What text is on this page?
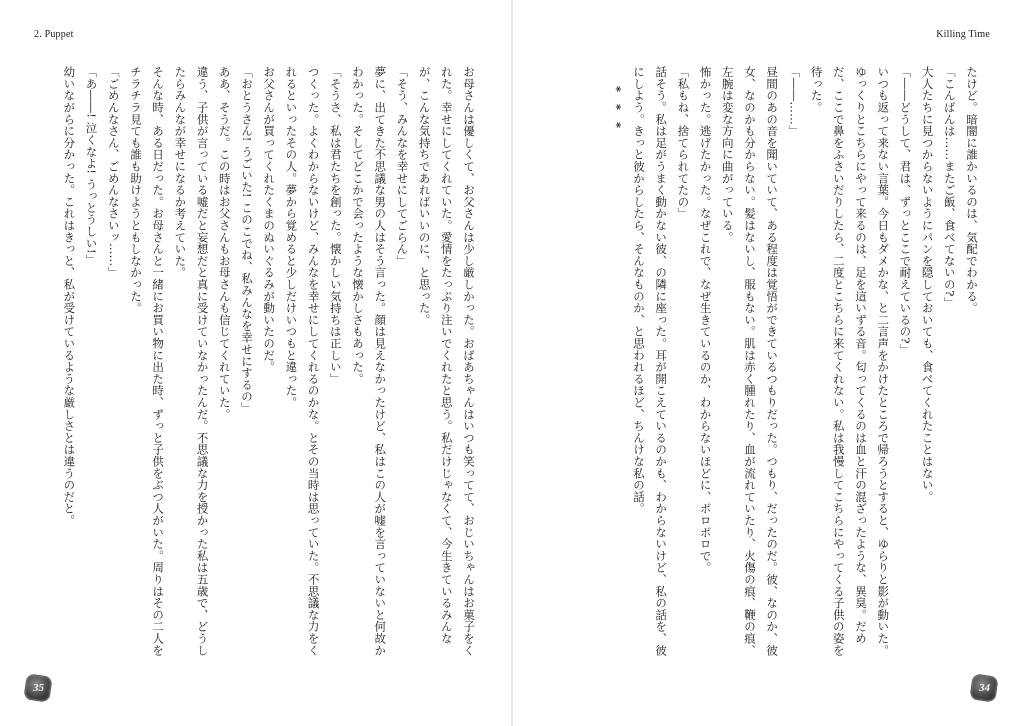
2. Puppet	Killing Time

たけど。暗闇に誰かいるのは、気配でわかる。

「こんばんは……またご飯、食べてないの?」

大人たちに見つからないようにパンを隠しておいても、食べてくれたことはない。

「――どうして、君は、ずっとここで耐えているの?」

いつも返って来ない言葉。今日もダメかな、と二言声をかけたところで帰ろうとすると、ゆらりと影が動いた。ゆっくりとこちらにやって来るのは、足を這いずる音。匂ってくるのは血と汗の混ざったような、異臭。だめだ、ここで鼻をふさいだりしたら、二度とこちらに来てくれない。私は我慢してこちらにやってくる子供の姿を待った。

「――……」

昼間のあの音を聞いていて、ある程度は覚悟ができているつもりだった。つもり、だったのだ。彼、なのか、彼女、なのかも分からない。髪はないし、服もない。肌は赤く腫れたり、血が流れていたり、火傷の痕、鞭の痕、左腕は変な方向に曲がっている。

怖かった。逃げたかった。なぜこれで、なぜ生きているのか、わからないほどに、ボロボロで。

「私もね、捨てられてたの」

話そう。私は足がうまく動かない彼、の隣に座った。耳が開こえているのかも、わからないけど、私の話を、彼にしよう。きっと彼からしたら、そんなものか、と思われるほど、ちんけな私の話。

* * *

お母さんは優しくて、お父さんは少し厳しかった。おばあちゃんはいつも笑ってて、おじいちゃんはお菓子をくれた。幸せにしてくれていた。愛情をたっぷり注いでくれたと思う。私だけじゃなくて、今生きているみんなが、こんな気持ちであればいいのに、と思った。

「そう、みんなを幸せにしてごらん」

夢に、出てきた不思議な男の人はそう言った。顔は見えなかったけど、私はこの人が嘘を言っていないと何故かわかった。そしてどこかで会ったような懐かしさもあった。

「そうさ、私は君たちを創った。懐かしい気持ちは正しい」

つくった。よくわからないけど、みんなを幸せにしてくれるのかな。とその当時は思っていた。不思議な力をくれるといったその人。夢から覚めると少しだけいつもと違った。

お父さんが買ってくれたくまのぬいぐるみが動いたのだ。

「おとうさん! うごいた! このこでね、私みんなを幸せにするの」

ああ、そうだ。この時はお父さんもお母さんも信じてくれていた。

違う、子供が言っている嘘だと妄想だと真に受けていなかったんだ。不思議な力を授かった私は五歳で、どうしたらみんなが幸せになるか考えていた。

そんな時、ある日だった。お母さんと一緒にお買い物に出た時、ずっと子供をぶつ人がいた。周りはその二人をチラチラ見ても誰も助けようともしなかった。

「ごめんなさん、ごめんなさいッ……」

「あ――! 泣くなよ! うっとうしい!」

幼いながらに分かった。これはきっと、私が受けているような厳しさとは違うのだと。

35	34
